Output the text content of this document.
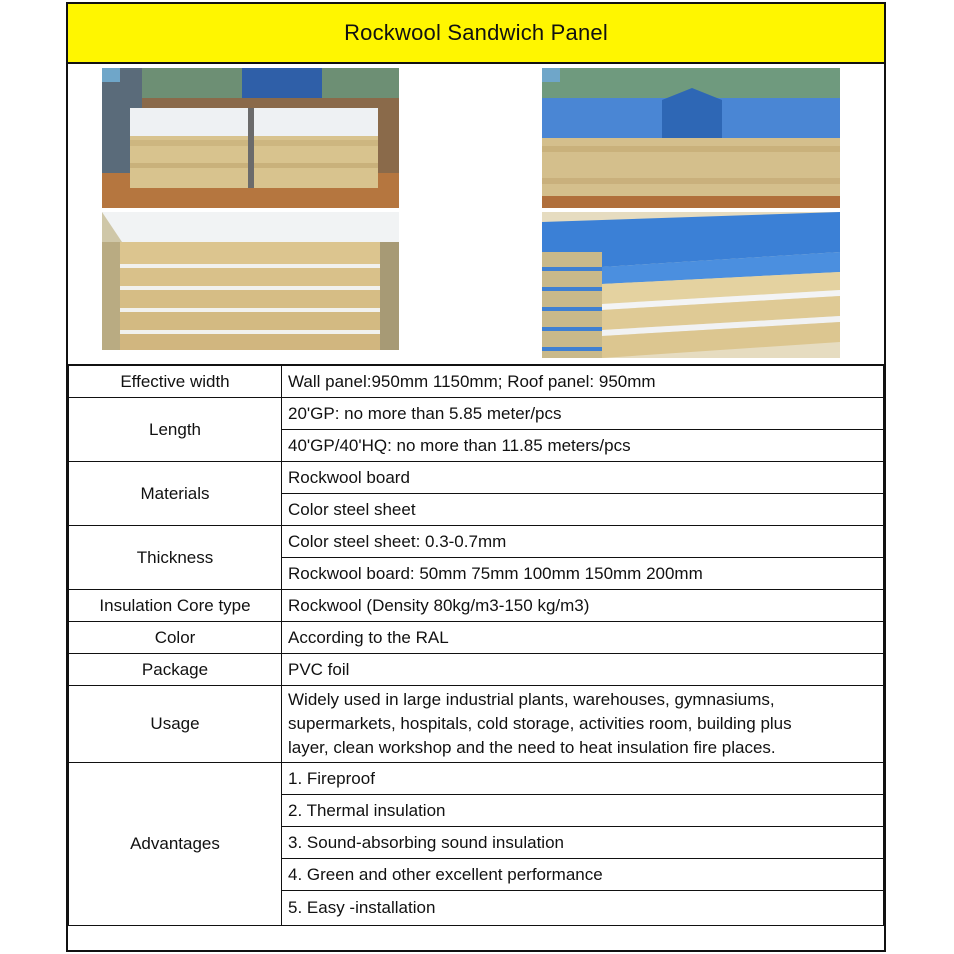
Rockwool Sandwich Panel
Effective width	Wall panel:950mm 1150mm; Roof panel: 950mm
Length	20'GP: no more than 5.85 meter/pcs
	40'GP/40'HQ: no more than 11.85 meters/pcs
Materials	Rockwool board
	Color steel sheet
Thickness	Color steel sheet: 0.3-0.7mm
	Rockwool board: 50mm 75mm 100mm 150mm 200mm
Insulation Core type	Rockwool (Density 80kg/m3-150 kg/m3)
Color	According to the RAL
Package	PVC foil
Usage	Widely used in large industrial plants, warehouses, gymnasiums,
supermarkets, hospitals, cold storage, activities room, building plus
layer, clean workshop and the need to heat insulation fire places.

Advantages	1. Fireproof
	2. Thermal insulation
	3. Sound-absorbing sound insulation
	4. Green and other excellent performance
	5. Easy -installation
